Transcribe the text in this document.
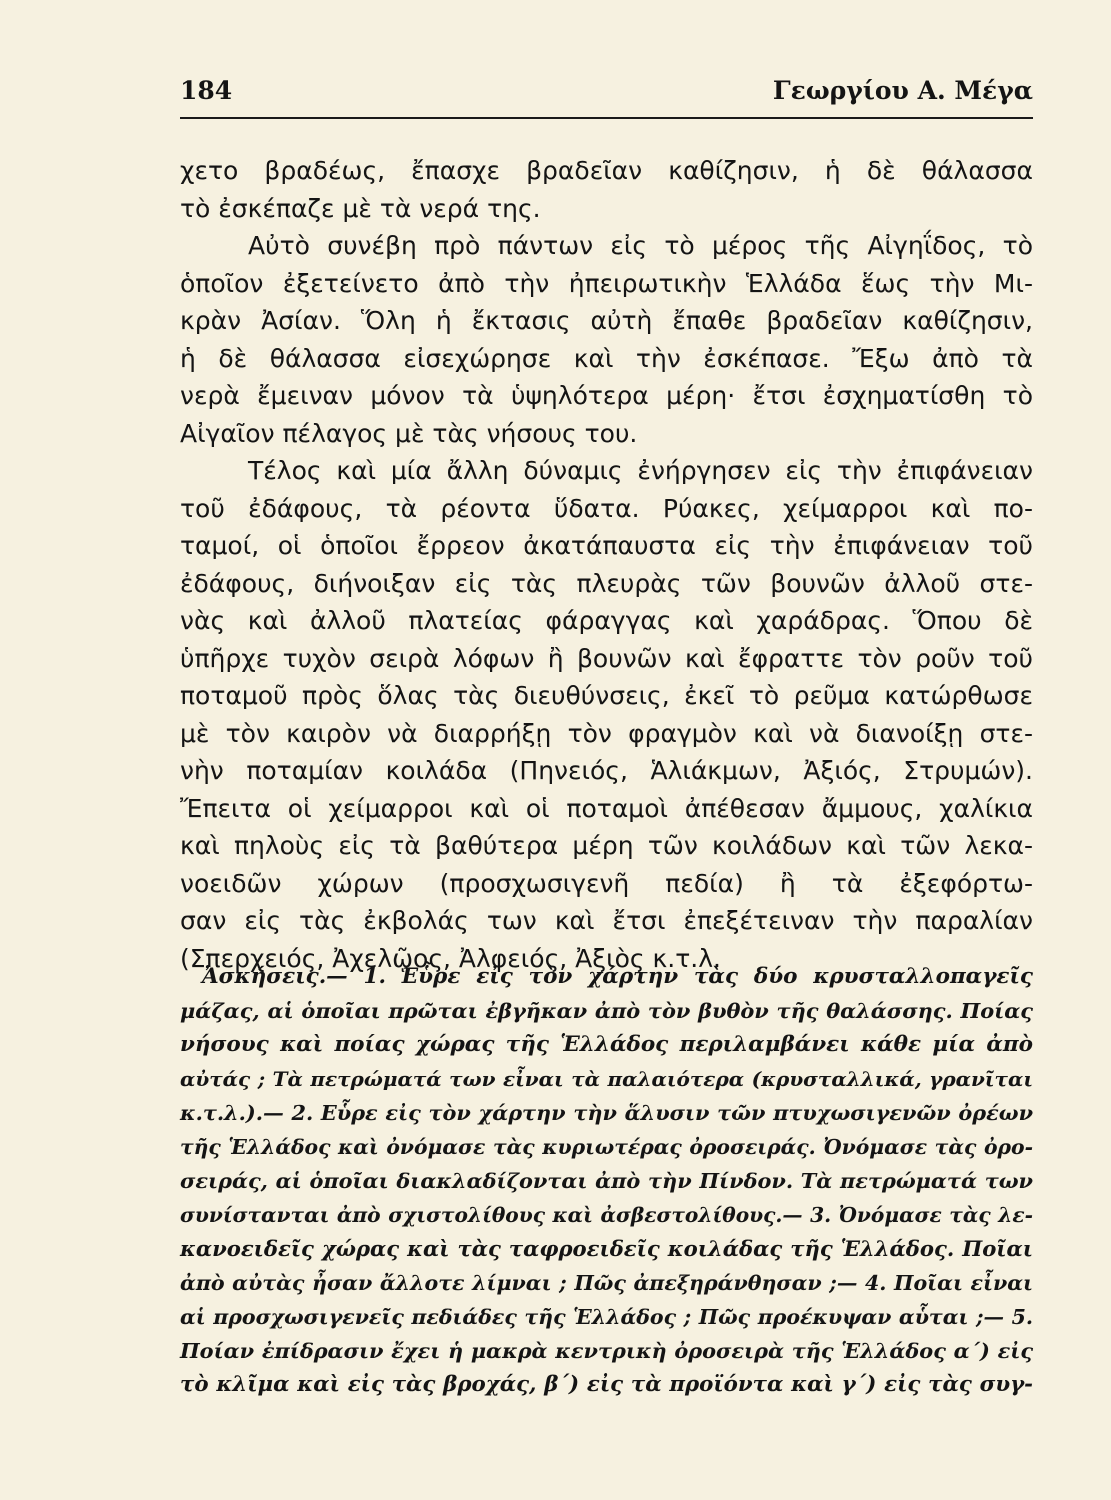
184	Γεωργίου Α. Μέγα
χετο βραδέως, ἔπασχε βραδεῖαν καθίζησιν, ἡ δὲ θάλασσα
τὸ ἐσκέπαζε μὲ τὰ νερά της.
Αὐτὸ συνέβη πρὸ πάντων εἰς τὸ μέρος τῆς Αἰγηΐδος, τὸ
ὁποῖον ἐξετείνετο ἀπὸ τὴν ἠπειρωτικὴν Ἑλλάδα ἕως τὴν Μι-
κρὰν Ἀσίαν. Ὅλη ἡ ἔκτασις αὐτὴ ἔπαθε βραδεῖαν καθίζησιν,
ἡ δὲ θάλασσα εἰσεχώρησε καὶ τὴν ἐσκέπασε. Ἔξω ἀπὸ τὰ
νερὰ ἔμειναν μόνον τὰ ὑψηλότερα μέρη· ἔτσι ἐσχηματίσθη τὸ
Αἰγαῖον πέλαγος μὲ τὰς νήσους του.
Τέλος καὶ μία ἄλλη δύναμις ἐνήργησεν εἰς τὴν ἐπιφάνειαν
τοῦ ἐδάφους, τὰ ρέοντα ὕδατα. Ρύακες, χείμαρροι καὶ πο-
ταμοί, οἱ ὁποῖοι ἔρρεον ἀκατάπαυστα εἰς τὴν ἐπιφάνειαν τοῦ
ἐδάφους, διήνοιξαν εἰς τὰς πλευρὰς τῶν βουνῶν ἀλλοῦ στε-
νὰς καὶ ἀλλοῦ πλατείας φάραγγας καὶ χαράδρας. Ὅπου δὲ
ὑπῆρχε τυχὸν σειρὰ λόφων ἢ βουνῶν καὶ ἔφραττε τὸν ροῦν τοῦ
ποταμοῦ πρὸς ὅλας τὰς διευθύνσεις, ἐκεῖ τὸ ρεῦμα κατώρθωσε
μὲ τὸν καιρὸν νὰ διαρρήξῃ τὸν φραγμὸν καὶ νὰ διανοίξῃ στε-
νὴν ποταμίαν κοιλάδα (Πηνειός, Ἁλιάκμων, Ἀξιός, Στρυμών).
Ἔπειτα οἱ χείμαρροι καὶ οἱ ποταμοὶ ἀπέθεσαν ἄμμους, χαλίκια
καὶ πηλοὺς εἰς τὰ βαθύτερα μέρη τῶν κοιλάδων καὶ τῶν λεκα-
νοειδῶν χώρων (προσχωσιγενῆ πεδία) ἢ τὰ ἐξεφόρτω-
σαν εἰς τὰς ἐκβολάς των καὶ ἔτσι ἐπεξέτειναν τὴν παραλίαν
(Σπερχειός, Ἀχελῷος, Ἀλφειός, Ἀξιὸς κ.τ.λ.
Ἀσκήσεις.— 1. Εὗρε εἰς τὸν χάρτην τὰς δύο κρυσταλλοπαγεῖς
μάζας, αἱ ὁποῖαι πρῶται ἐβγῆκαν ἀπὸ τὸν βυθὸν τῆς θαλάσσης. Ποίας
νήσους καὶ ποίας χώρας τῆς Ἑλλάδος περιλαμβάνει κάθε μία ἀπὸ
αὐτάς ; Τὰ πετρώματά των εἶναι τὰ παλαιότερα (κρυσταλλικά, γρανῖται
κ.τ.λ.).— 2. Εὗρε εἰς τὸν χάρτην τὴν ἅλυσιν τῶν πτυχωσιγενῶν ὀρέων
τῆς Ἑλλάδος καὶ ὀνόμασε τὰς κυριωτέρας ὀροσειράς. Ὀνόμασε τὰς ὀρο-
σειράς, αἱ ὁποῖαι διακλαδίζονται ἀπὸ τὴν Πίνδον. Τὰ πετρώματά των
συνίστανται ἀπὸ σχιστολίθους καὶ ἀσβεστολίθους.— 3. Ὀνόμασε τὰς λε-
κανοειδεῖς χώρας καὶ τὰς ταφροειδεῖς κοιλάδας τῆς Ἑλλάδος. Ποῖαι
ἀπὸ αὐτὰς ἦσαν ἄλλοτε λίμναι ; Πῶς ἀπεξηράνθησαν ;— 4. Ποῖαι εἶναι
αἱ προσχωσιγενεῖς πεδιάδες τῆς Ἑλλάδος ; Πῶς προέκυψαν αὗται ;— 5.
Ποίαν ἐπίδρασιν ἔχει ἡ μακρὰ κεντρικὴ ὀροσειρὰ τῆς Ἑλλάδος α΄) εἰς
τὸ κλῖμα καὶ εἰς τὰς βροχάς, β΄) εἰς τὰ προϊόντα καὶ γ΄) εἰς τὰς συγ-
